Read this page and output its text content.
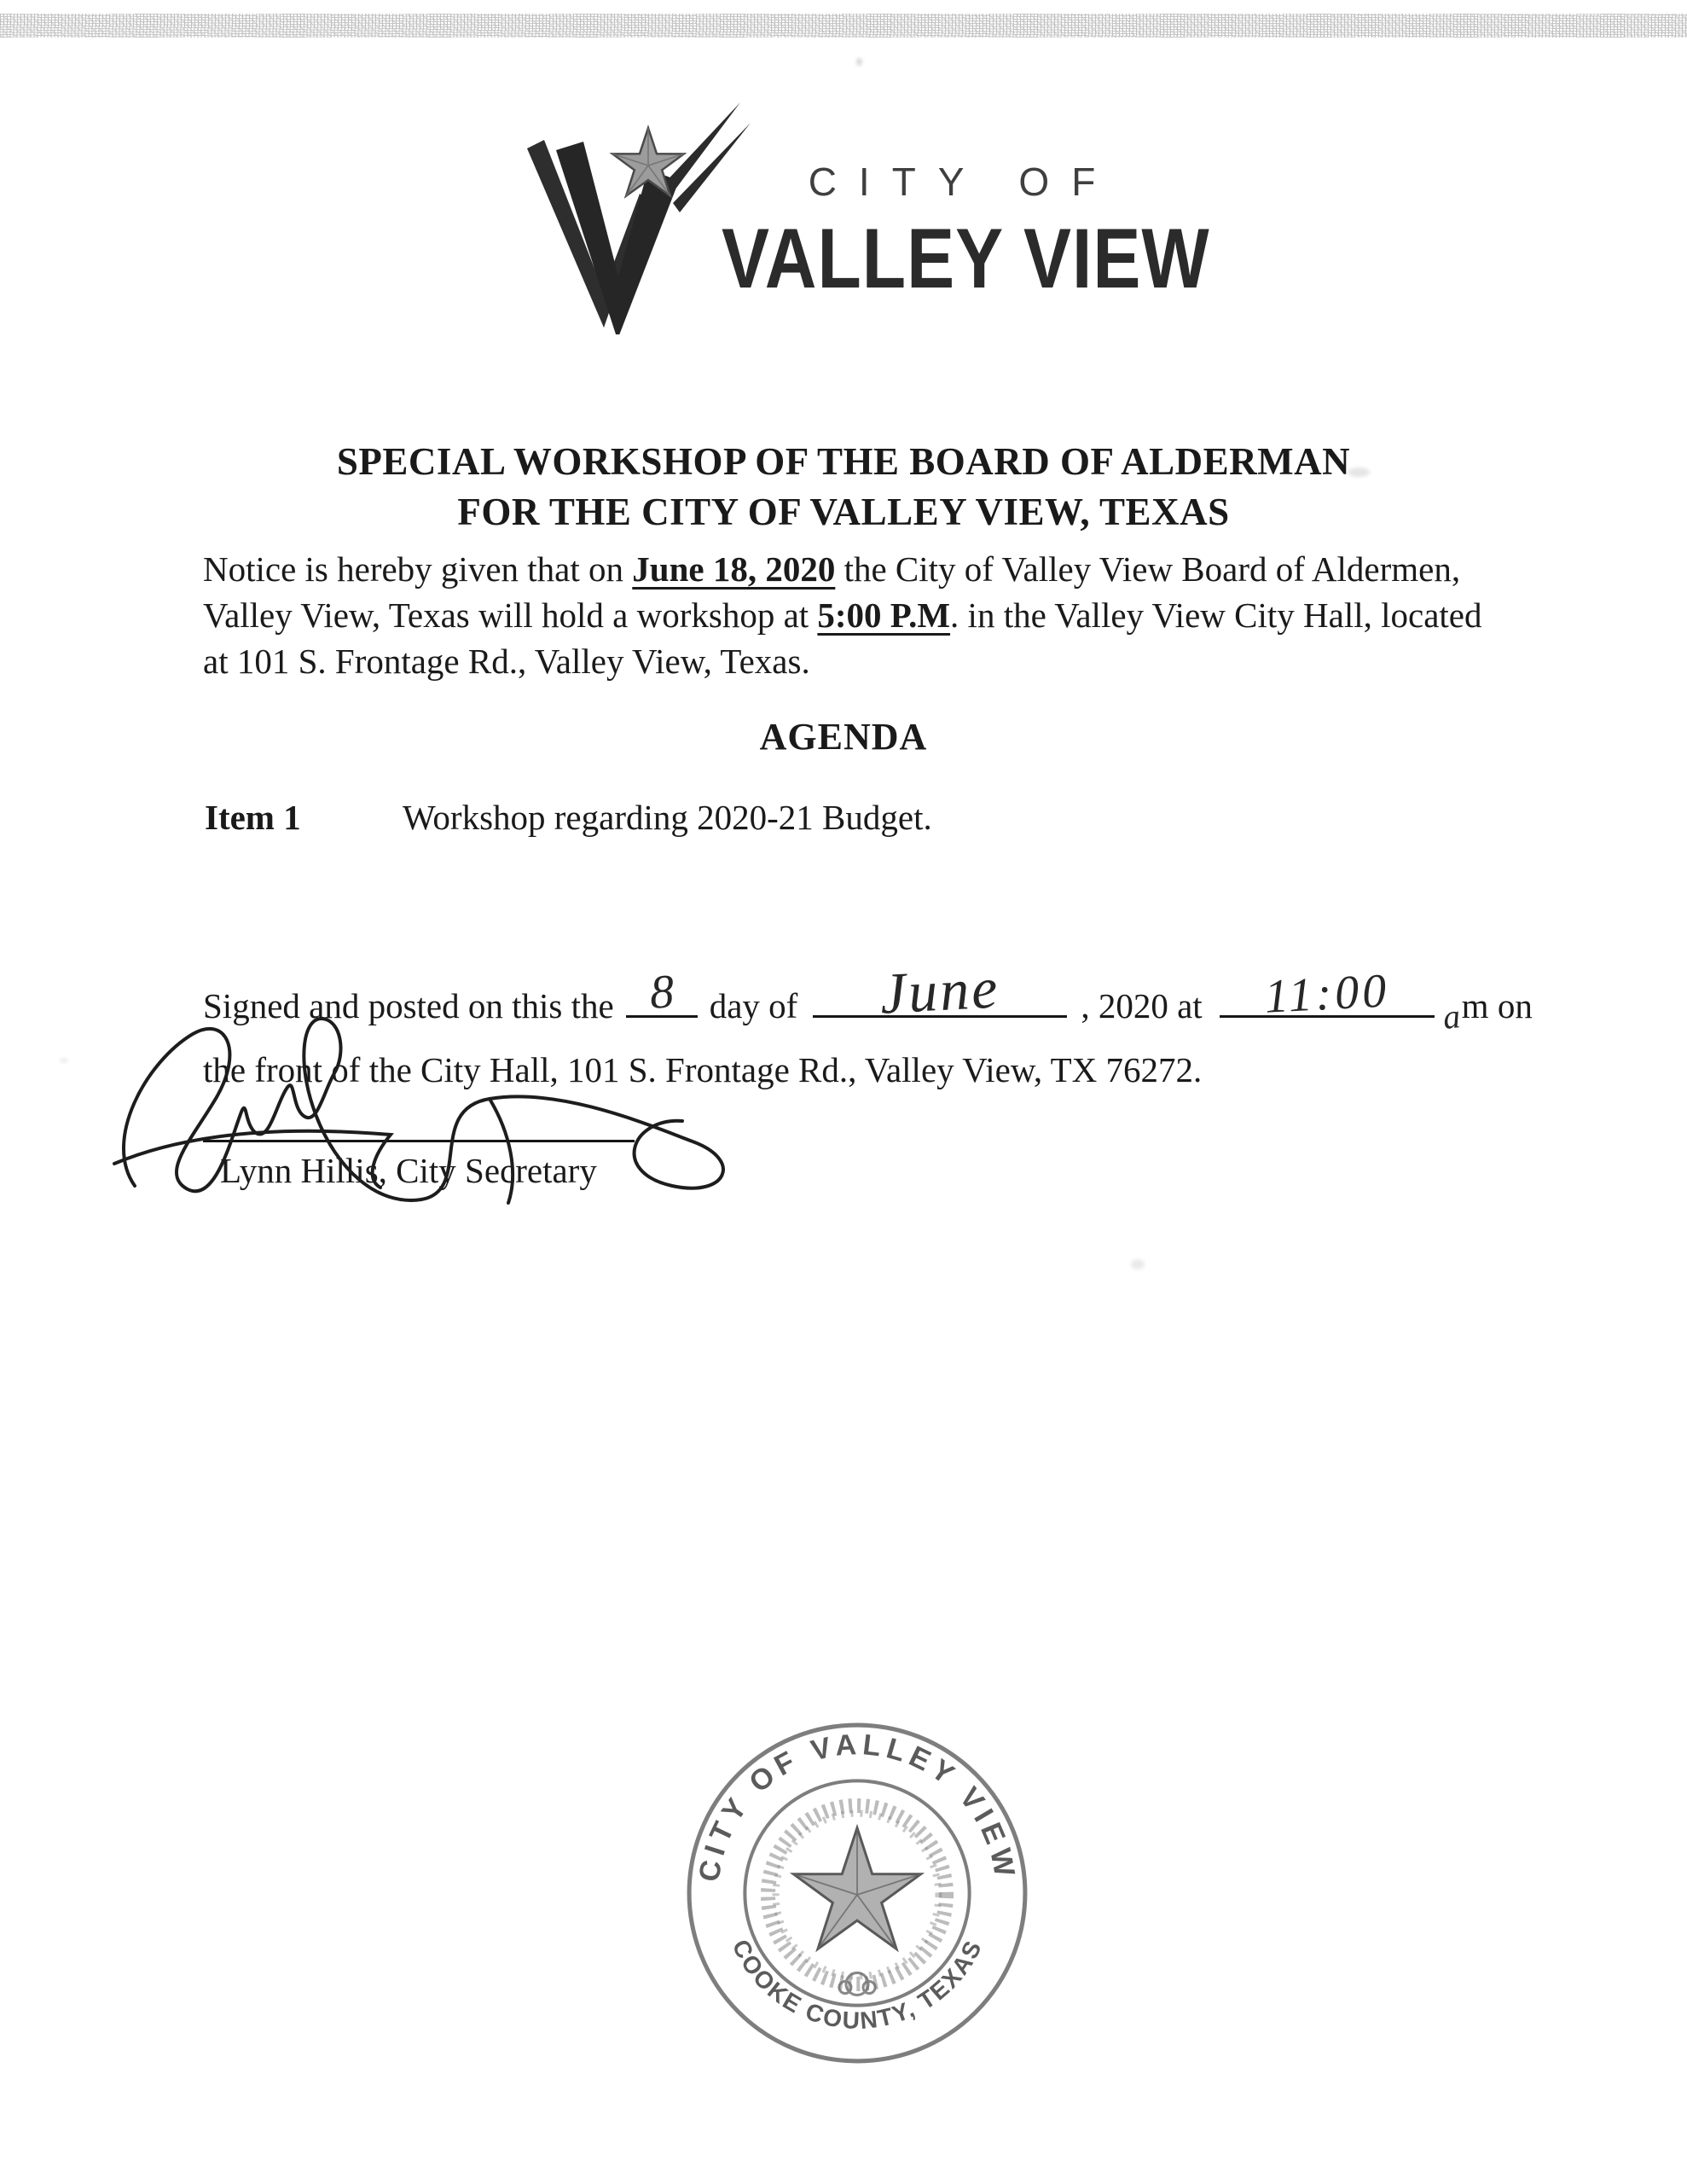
CITY OF
VALLEY VIEW
SPECIAL WORKSHOP OF THE BOARD OF ALDERMAN
FOR THE CITY OF VALLEY VIEW, TEXAS

Notice is hereby given that on June 18, 2020 the City of Valley View Board of Aldermen, Valley View, Texas will hold a workshop at 5:00 P.M. in the Valley View City Hall, located at 101 S. Frontage Rd., Valley View, Texas.

AGENDA
Item 1	Workshop regarding 2020-21 Budget.
Signed and posted on this the 8 day of June , 2020 at 11:00 am on
the front of the City Hall, 101 S. Frontage Rd., Valley View, TX 76272.
Lynn Hillis, City Secretary
CITY OF VALLEY VIEW
COOKE COUNTY, TEXAS
